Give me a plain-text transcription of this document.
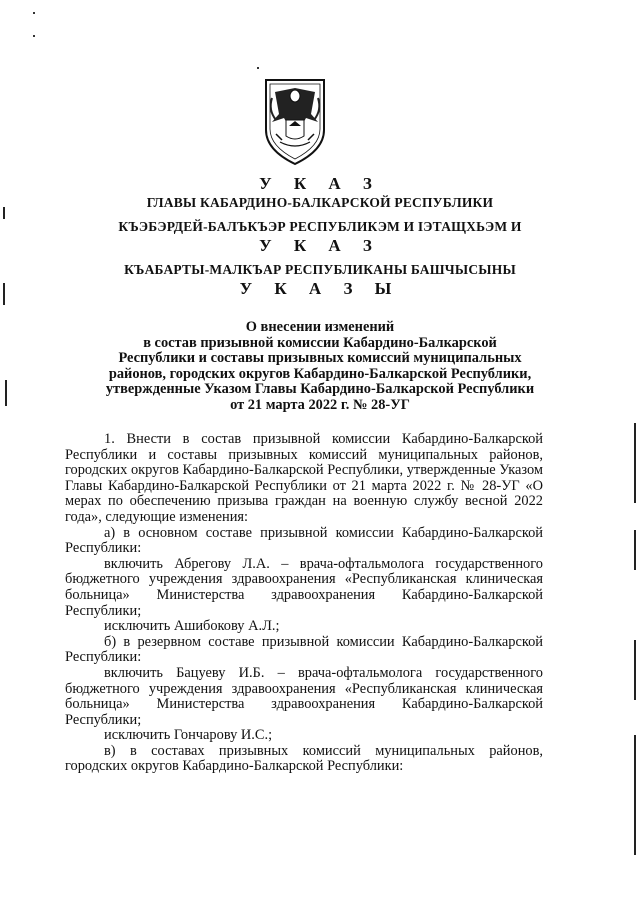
У К А З
ГЛАВЫ КАБАРДИНО-БАЛКАРСКОЙ РЕСПУБЛИКИ
КЪЭБЭРДЕЙ-БАЛЪКЪЭР РЕСПУБЛИКЭМ И ІЭТАЩХЬЭМ И
У К А З
КЪАБАРТЫ-МАЛКЪАР РЕСПУБЛИКАНЫ БАШЧЫСЫНЫ
У К А З Ы
О внесении изменений
в состав призывной комиссии Кабардино-Балкарской
Республики и составы призывных комиссий муниципальных
районов, городских округов Кабардино-Балкарской Республики,
утвержденные Указом Главы Кабардино-Балкарской Республики
от 21 марта 2022 г. № 28-УГ

1. Внести в состав призывной комиссии Кабардино-Балкарской Республики и составы призывных комиссий муниципальных районов, городских округов Кабардино-Балкарской Республики, утвержденные Указом Главы Кабардино-Балкарской Республики от 21 марта 2022 г. № 28-УГ «О мерах по обеспечению призыва граждан на военную службу весной 2022 года», следующие изменения:

а) в основном составе призывной комиссии Кабардино-Балкарской Республики:

включить Абрегову Л.А. – врача-офтальмолога государственного бюджетного учреждения здравоохранения «Республиканская клиническая больница» Министерства здравоохранения Кабардино-Балкарской Республики;

исключить Ашибокову А.Л.;

б) в резервном составе призывной комиссии Кабардино-Балкарской Республики:

включить Бацуеву И.Б. – врача-офтальмолога государственного бюджетного учреждения здравоохранения «Республиканская клиническая больница» Министерства здравоохранения Кабардино-Балкарской Республики;

исключить Гончарову И.С.;

в) в составах призывных комиссий муниципальных районов, городских округов Кабардино-Балкарской Республики:
